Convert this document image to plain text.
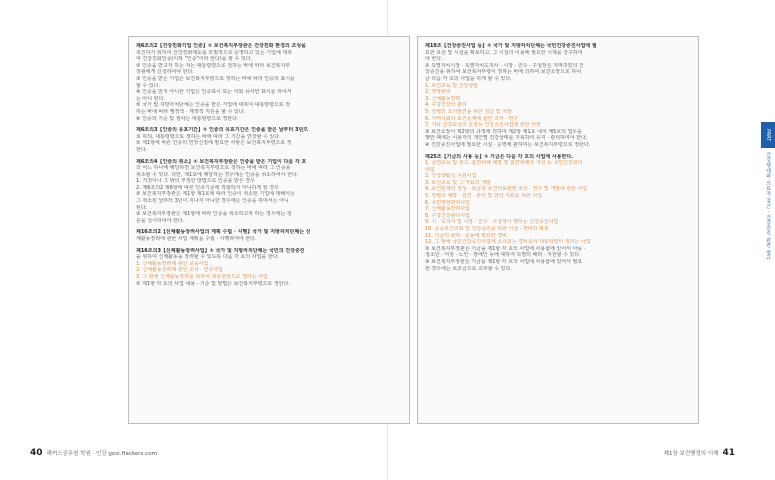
제6조의2【건강친화기업 인증】① 보건복지부장관은 건강친화 환경의 조성을
촉진하기 위하여 건강친화제도를 모범적으로 운영하고 있는 기업에 대하
여 건강친화인증(이하 "인증"이라 한다)을 할 수 있다.
② 인증을 받고자 하는 자는 대통령령으로 정하는 바에 따라 보건복지부
장관에게 신청하여야 한다.
③ 인증을 받은 기업은 보건복지부령으로 정하는 바에 따라 인증의 표시를
할 수 있다.
④ 인증을 받지 아니한 기업은 인증표시 또는 이와 유사한 표시를 하여서
는 아니 된다.
⑤ 국가 및 지방자치단체는 인증을 받은 기업에 대하여 대통령령으로 정
하는 바에 따라 행정적 · 재정적 지원을 할 수 있다.
⑥ 인증의 기준 및 절차는 대통령령으로 정한다.
제6조의3【인증의 유효기간】① 인증의 유효기간은 인증을 받은 날부터 3년으
로 하되, 대통령령으로 정하는 바에 따라 그 기간을 연장할 수 있다.
② 제1항에 따른 인증의 연장신청에 필요한 사항은 보건복지부령으로 정
한다.
제6조의4【인증의 취소】① 보건복지부장관은 인증을 받은 기업이 다음 각 호
의 어느 하나에 해당하면 보건복지부령으로 정하는 바에 따라 그 인증을
취소할 수 있다. 다만, 제1호에 해당하는 경우에는 인증을 취소하여야 한다.
1. 거짓이나 그 밖의 부정한 방법으로 인증을 받은 경우
2. 제6조의2 제6항에 따른 인증기준에 적합하지 아니하게 된 경우
② 보건복지부장관은 제1항 제1호에 따라 인증이 취소된 기업에 대해서는
그 취소된 날부터 3년이 지나지 아니한 경우에는 인증을 하여서는 아니
된다.
③ 보건복지부장관은 제1항에 따라 인증을 취소하고자 하는 경우에는 청
문을 실시하여야 한다.
제16조의2【신체활동장려사업의 계획 수립 · 시행】국가 및 지방자치단체는 신
체활동장려에 관한 사업 계획을 수립 · 시행하여야 한다.
제16조의3【신체활동장려사업】① 국가 및 지방자치단체는 국민의 건강증진
을 위하여 신체활동을 장려할 수 있도록 다음 각 호의 사업을 한다.
1. 신체활동장려에 관한 교육사업
2. 신체활동장려에 관한 조사 · 연구사업
3. 그 밖에 신체활동장려를 위하여 대통령령으로 정하는 사업
② 제1항 각 호의 사업 내용 · 기준 및 방법은 보건복지부령으로 정한다.
제19조【건강증진사업 등】① 국가 및 지방자치단체는 국민건강증진사업에 필
요한 요원 및 시설을 확보하고, 그 시설의 이용에 필요한 시책을 강구하여
야 한다.
② 특별자치시장 · 특별자치도지사 · 시장 · 군수 · 구청장은 지역주민의 건
강증진을 위하여 보건복지부령이 정하는 바에 의하여 보건소장으로 하여
금 다음 각 호의 사업을 하게 할 수 있다.
1. 보건교육 및 건강상담
2. 영양관리
3. 신체활동장려
4. 구강건강의 관리
5. 질병의 조기발견을 위한 검진 및 처방
6. 지역사회의 보건문제에 관한 조사 · 연구
7. 기타 건강교실의 운영등 건강증진사업에 관한 사항
③ 보건소장이 제2항의 규정에 의하여 제2항 제1호 내지 제5호의 업무를
행한 때에는 이용자의 개인별 건강상태를 기록하여 유지 · 관리하여야 한다.
④ 건강증진사업에 필요한 시설 · 운영에 관하여는 보건복지부령으로 정한다.
제25조【기금의 사용 등】① 기금은 다음 각 호의 사업에 사용한다.
1. 금연교육 및 광고, 흡연피해 예방 및 흡연피해자 지원 등 국민건강관리
사업
2. 건강생활의 지원사업
3. 보건교육 및 그 자료의 개발
4. 보건통계의 작성 · 보급과 보건의료관련 조사 · 연구 및 개발에 관한 사업
5. 질병의 예방 · 검진 · 관리 및 암의 치료를 위한 사업
6. 국민영양관리사업
7. 신체활동장려사업
8. 구강건강관리사업
9. 시 · 도지사 및 시장 · 군수 · 구청장이 행하는 건강증진사업
10. 공공보건의료 및 건강증진을 위한 시설 · 장비의 확충
11. 기금의 관리 · 운용에 필요한 경비
12. 그 밖에 국민건강증진사업에 소요되는 경비로서 대통령령이 정하는 사업
② 보건복지부장관은 기금을 제1항 각 호의 사업에 사용함에 있어서 아동 ·
청소년 · 여성 · 노인 · 장애인 등에 대하여 특별히 배려 · 지원할 수 있다.
③ 보건복지부장관은 기금을 제1항 각 호의 사업에 사용함에 있어서 필요
한 경우에는 보조금으로 교부할 수 있다.
PART
건강행태와 의료적 접근 · 건강증진 관련 법규
40 해커스공무원 학원 · 인강 gosi.Hackers.com	제1장 보건행정의 이해 41
